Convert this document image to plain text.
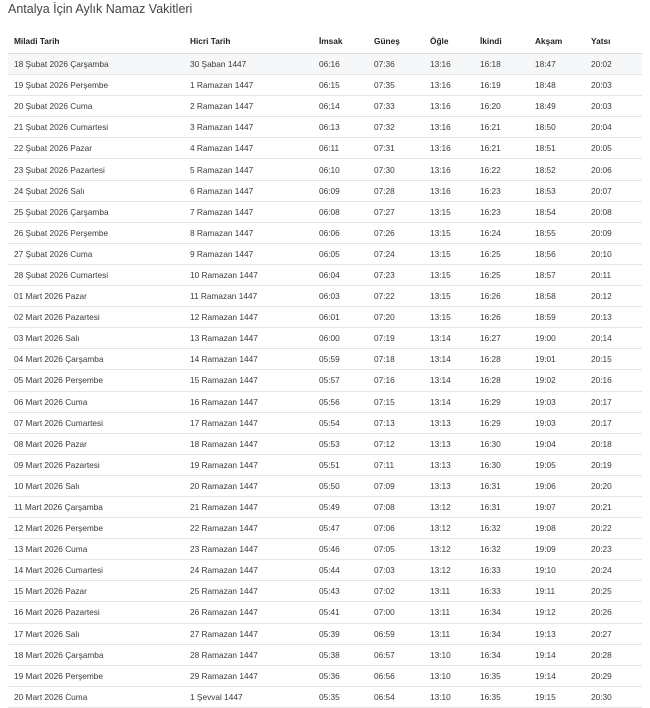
Antalya İçin Aylık Namaz Vakitleri
Miladi Tarih	Hicri Tarih	İmsak	Güneş	Öğle	İkindi	Akşam	Yatsı
18 Şubat 2026 Çarşamba	30 Şaban 1447	06:16	07:36	13:16	16:18	18:47	20:02
19 Şubat 2026 Perşembe	1 Ramazan 1447	06:15	07:35	13:16	16:19	18:48	20:03
20 Şubat 2026 Cuma	2 Ramazan 1447	06:14	07:33	13:16	16:20	18:49	20:03
21 Şubat 2026 Cumartesi	3 Ramazan 1447	06:13	07:32	13:16	16:21	18:50	20:04
22 Şubat 2026 Pazar	4 Ramazan 1447	06:11	07:31	13:16	16:21	18:51	20:05
23 Şubat 2026 Pazartesi	5 Ramazan 1447	06:10	07:30	13:16	16:22	18:52	20:06
24 Şubat 2026 Salı	6 Ramazan 1447	06:09	07:28	13:16	16:23	18:53	20:07
25 Şubat 2026 Çarşamba	7 Ramazan 1447	06:08	07:27	13:15	16:23	18:54	20:08
26 Şubat 2026 Perşembe	8 Ramazan 1447	06:06	07:26	13:15	16:24	18:55	20:09
27 Şubat 2026 Cuma	9 Ramazan 1447	06:05	07:24	13:15	16:25	18:56	20:10
28 Şubat 2026 Cumartesi	10 Ramazan 1447	06:04	07:23	13:15	16:25	18:57	20:11
01 Mart 2026 Pazar	11 Ramazan 1447	06:03	07:22	13:15	16:26	18:58	20:12
02 Mart 2026 Pazartesi	12 Ramazan 1447	06:01	07:20	13:15	16:26	18:59	20:13
03 Mart 2026 Salı	13 Ramazan 1447	06:00	07:19	13:14	16:27	19:00	20:14
04 Mart 2026 Çarşamba	14 Ramazan 1447	05:59	07:18	13:14	16:28	19:01	20:15
05 Mart 2026 Perşembe	15 Ramazan 1447	05:57	07:16	13:14	16:28	19:02	20:16
06 Mart 2026 Cuma	16 Ramazan 1447	05:56	07:15	13:14	16:29	19:03	20:17
07 Mart 2026 Cumartesi	17 Ramazan 1447	05:54	07:13	13:13	16:29	19:03	20:17
08 Mart 2026 Pazar	18 Ramazan 1447	05:53	07:12	13:13	16:30	19:04	20:18
09 Mart 2026 Pazartesi	19 Ramazan 1447	05:51	07:11	13:13	16:30	19:05	20:19
10 Mart 2026 Salı	20 Ramazan 1447	05:50	07:09	13:13	16:31	19:06	20:20
11 Mart 2026 Çarşamba	21 Ramazan 1447	05:49	07:08	13:12	16:31	19:07	20:21
12 Mart 2026 Perşembe	22 Ramazan 1447	05:47	07:06	13:12	16:32	19:08	20:22
13 Mart 2026 Cuma	23 Ramazan 1447	05:46	07:05	13:12	16:32	19:09	20:23
14 Mart 2026 Cumartesi	24 Ramazan 1447	05:44	07:03	13:12	16:33	19:10	20:24
15 Mart 2026 Pazar	25 Ramazan 1447	05:43	07:02	13:11	16:33	19:11	20:25
16 Mart 2026 Pazartesi	26 Ramazan 1447	05:41	07:00	13:11	16:34	19:12	20:26
17 Mart 2026 Salı	27 Ramazan 1447	05:39	06:59	13:11	16:34	19:13	20:27
18 Mart 2026 Çarşamba	28 Ramazan 1447	05:38	06:57	13:10	16:34	19:14	20:28
19 Mart 2026 Perşembe	29 Ramazan 1447	05:36	06:56	13:10	16:35	19:14	20:29
20 Mart 2026 Cuma	1 Şevval 1447	05:35	06:54	13:10	16:35	19:15	20:30
